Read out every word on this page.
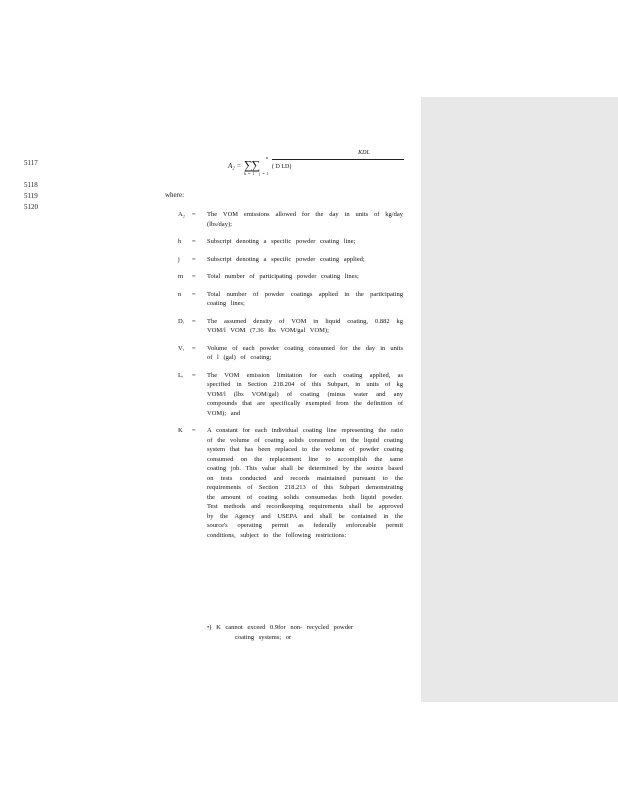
5117
5118
5119
5120
A₂ = ∑∑
h=1 j=1
n
KDL
( D LD)
where:
A₂	=	The VOM emissions allowed for the day in units of kg/day (lbs/day);
h	=	Subscript denoting a specific powder coating line;
j	=	Subscript denoting a specific powder coating applied;
m	=	Total number of participating powder coating lines;
n	=	Total number of powder coatings applied in the participating coating lines;
Dᵢ	=	The assumed density of VOM in liquid coating, 0.882 kg VOM/l VOM (7.36 lbs VOM/gal VOM);
Vᵢ	=	Volume of each powder coating consumed for the day in units of l (gal) of coating;
Lᵢ	=	The VOM emission limitation for each coating applied, as specified in Section 218.204 of this Subpart, in units of kg VOM/l (lbs VOM/gal) of coating (minus water and any compounds that are specifically exempted from the definition of VOM); and
K	=	A constant for each individual coating line representing the ratio of the volume of coating solids consumed on the liquid coating system that has been replaced to the volume of powder coating consumed on the replacement line to accomplish the same coating job. This value shall be determined by the source based on tests conducted and records maintained pursuant to the requirements of Section 218.213 of this Subpart demonstrating the amount of coating solids consumedas both liquid powder. Test methods and recordkeeping requirements shall be approved by the Agency and USEPA and shall be contained in the source's operating permit as federally enforceable permit conditions, subject to the following restrictions:
•) K cannot exceed 0.9for non- recycled powder
coating systems; or
